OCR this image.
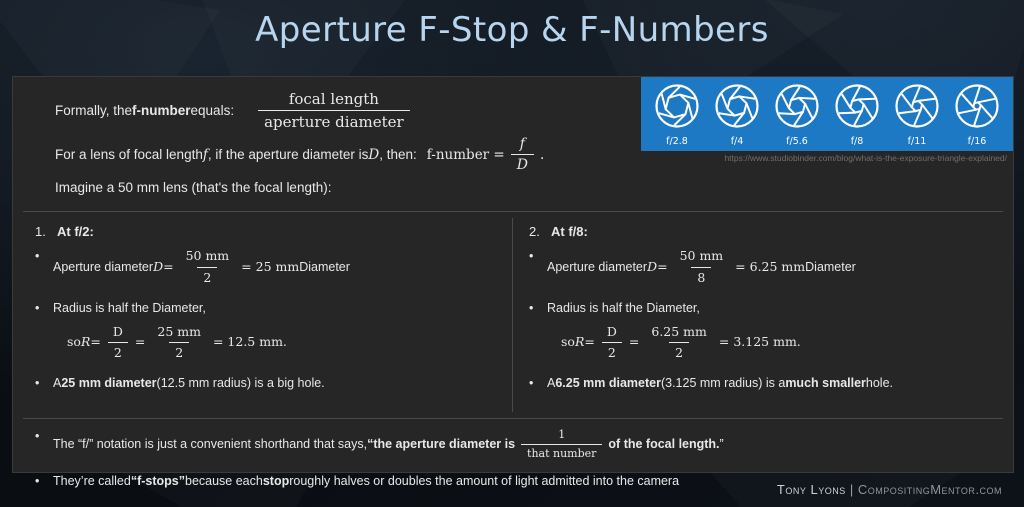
Aperture F-Stop & F-Numbers
f/2.8	f/4	f/5.6	f/8	f/11	f/16
https://www.studiobinder.com/blog/what-is-the-exposure-triangle-explained/
Formally, the f-number equals: $\frac{\text{focal length}}{\text{aperture diameter}}$
For a lens of focal length f , if the aperture diameter is D , then: f-number = $\frac{f}{D}$ .
Imagine a 50 mm lens (that's the focal length):
1. At f/2:
• Aperture diameter $D = \frac{50 mm}{2} = 25$ mm Diameter
• Radius is half the Diameter,
so $R = \frac{D}{2} = \frac{25 mm}{2} = 12.5$ mm.
• A 25 mm diameter (12.5 mm radius) is a big hole.
2. At f/8:
• Aperture diameter $D = \frac{50 mm}{8} = 6.25$ mm Diameter
• Radius is half the Diameter,
so $R = \frac{D}{2} = \frac{6.25 mm}{2} = 3.125$ mm.
• A 6.25 mm diameter (3.125 mm radius) is a much smaller hole.
• The “f/” notation is just a convenient shorthand that says, “the aperture diameter is $\frac{1}{\text{that number}}$ of the focal length. ”
• They’re called “f-stops” because each stop roughly halves or doubles the amount of light admitted into the camera
Tony Lyons | CompositingMentor.com
